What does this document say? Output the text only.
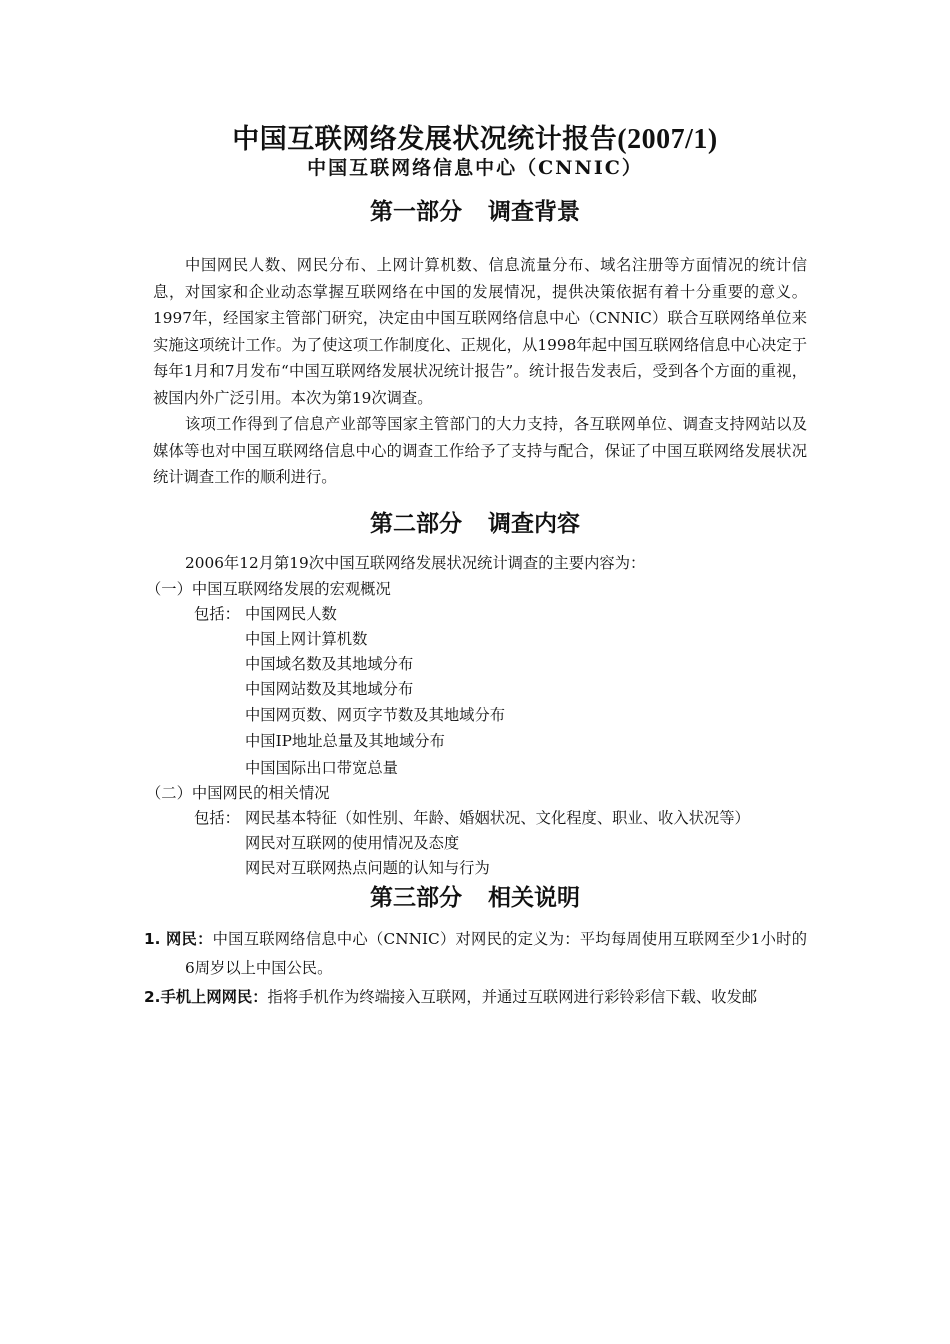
中国互联网络发展状况统计报告(2007/1)
中国互联网络信息中心（CNNIC）
第一部分 调查背景
中国网民人数、网民分布、上网计算机数、信息流量分布、域名注册等方面情况的统计信息，对国家和企业动态掌握互联网络在中国的发展情况，提供决策依据有着十分重要的意义。1997年，经国家主管部门研究，决定由中国互联网络信息中心（CNNIC）联合互联网络单位来实施这项统计工作。为了使这项工作制度化、正规化，从1998年起中国互联网络信息中心决定于每年1月和7月发布“中国互联网络发展状况统计报告”。统计报告发表后，受到各个方面的重视，被国内外广泛引用。本次为第19次调查。
该项工作得到了信息产业部等国家主管部门的大力支持，各互联网单位、调查支持网站以及媒体等也对中国互联网络信息中心的调查工作给予了支持与配合，保证了中国互联网络发展状况统计调查工作的顺利进行。
第二部分 调查内容
2006年12月第19次中国互联网络发展状况统计调查的主要内容为：
（一）中国互联网络发展的宏观概况
包括： 中国网民人数
中国上网计算机数
中国域名数及其地域分布
中国网站数及其地域分布
中国网页数、网页字节数及其地域分布
中国IP地址总量及其地域分布
中国国际出口带宽总量
（二）中国网民的相关情况
包括： 网民基本特征（如性别、年龄、婚姻状况、文化程度、职业、收入状况等）
网民对互联网的使用情况及态度
网民对互联网热点问题的认知与行为
第三部分 相关说明
1. 网民：中国互联网络信息中心（CNNIC）对网民的定义为：平均每周使用互联网至少1小时的6周岁以上中国公民。
2.手机上网网民：指将手机作为终端接入互联网，并通过互联网进行彩铃彩信下载、收发邮
